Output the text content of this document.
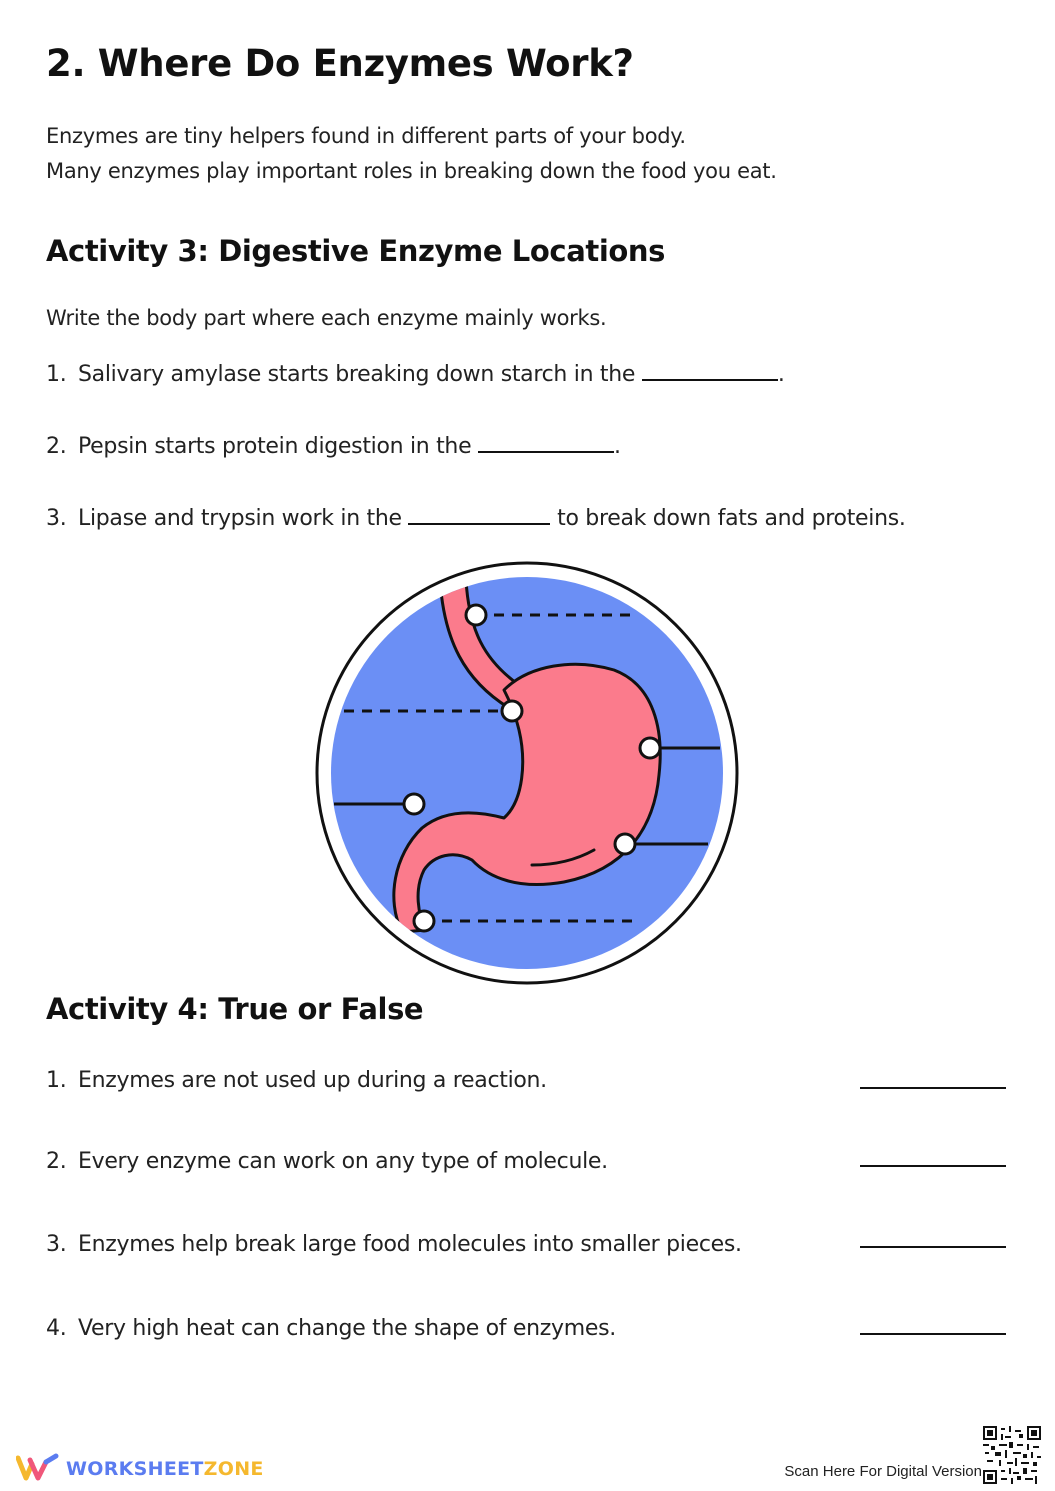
2. Where Do Enzymes Work?
Enzymes are tiny helpers found in different parts of your body.
Many enzymes play important roles in breaking down the food you eat.
Activity 3: Digestive Enzyme Locations
Write the body part where each enzyme mainly works.
1. Salivary amylase starts breaking down starch in the	.
2. Pepsin starts protein digestion in the	.
3. Lipase and trypsin work in the	to break down fats and proteins.
Activity 4: True or False
1. Enzymes are not used up during a reaction.
2. Every enzyme can work on any type of molecule.
3. Enzymes help break large food molecules into smaller pieces.
4. Very high heat can change the shape of enzymes.
WORKSHEETZONE	Scan Here For Digital Version
